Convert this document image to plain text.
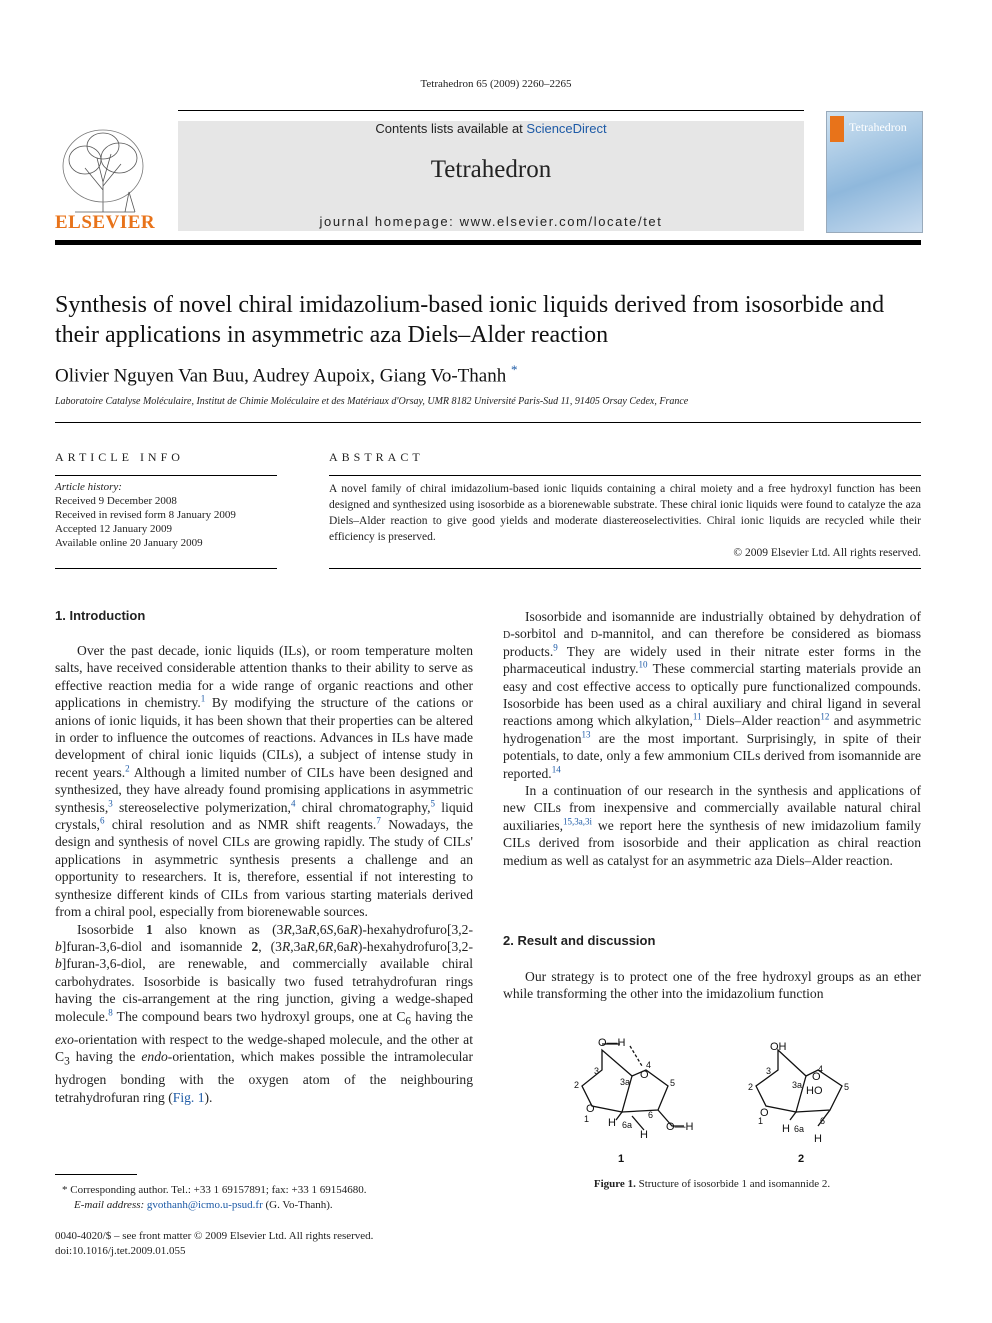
Tetrahedron 65 (2009) 2260–2265
ELSEVIER
Contents lists available at ScienceDirect
Tetrahedron
journal homepage: www.elsevier.com/locate/tet
Tetrahedron
Synthesis of novel chiral imidazolium-based ionic liquids derived from isosorbide and their applications in asymmetric aza Diels–Alder reaction
Olivier Nguyen Van Buu, Audrey Aupoix, Giang Vo-Thanh *
Laboratoire Catalyse Moléculaire, Institut de Chimie Moléculaire et des Matériaux d'Orsay, UMR 8182 Université Paris-Sud 11, 91405 Orsay Cedex, France
ARTICLE INFO
Article history:
Received 9 December 2008
Received in revised form 8 January 2009
Accepted 12 January 2009
Available online 20 January 2009
ABSTRACT
A novel family of chiral imidazolium-based ionic liquids containing a chiral moiety and a free hydroxyl function has been designed and synthesized using isosorbide as a biorenewable substrate. These chiral ionic liquids were found to catalyze the aza Diels–Alder reaction to give good yields and moderate diastereoselectivities. Chiral ionic liquids are recycled while their efficiency is preserved.
© 2009 Elsevier Ltd. All rights reserved.
1. Introduction

Over the past decade, ionic liquids (ILs), or room temperature molten salts, have received considerable attention thanks to their ability to serve as effective reaction media for a wide range of organic reactions and other applications in chemistry.$^1$ By modifying the structure of the cations or anions of ionic liquids, it has been shown that their properties can be altered in order to influence the outcomes of reactions. Advances in ILs have made development of chiral ionic liquids (CILs), a subject of intense study in recent years.$^2$ Although a limited number of CILs have been designed and synthesized, they have already found promising applications in asymmetric synthesis,$^3$ stereoselective polymerization,$^4$ chiral chromatography,$^5$ liquid crystals,$^6$ chiral resolution and as NMR shift reagents.$^7$ Nowadays, the design and synthesis of novel CILs are growing rapidly. The study of CILs' applications in asymmetric synthesis presents a challenge and an opportunity to researchers. It is, therefore, essential if not interesting to synthesize different kinds of CILs from various starting materials derived from a chiral pool, especially from biorenewable sources.

Isosorbide 1 also known as (3R,3aR,6S,6aR)-hexahydrofuro[3,2-b]furan-3,6-diol and isomannide 2, (3R,3aR,6R,6aR)-hexahydrofuro[3,2-b]furan-3,6-diol, are renewable, and commercially available chiral carbohydrates. Isosorbide is basically two fused tetrahydrofuran rings having the cis-arrangement at the ring junction, giving a wedge-shaped molecule.$^8$ The compound bears two hydroxyl groups, one at $C_6$ having the exo-orientation with respect to the wedge-shaped molecule, and the other at $C_3$ having the endo-orientation, which makes possible the intramolecular hydrogen bonding with the oxygen atom of the neighbouring tetrahydrofuran ring (Fig. 1).

Isosorbide and isomannide are industrially obtained by dehydration of d-sorbitol and d-mannitol, and can therefore be considered as biomass products.$^9$ They are widely used in their nitrate ester forms in the pharmaceutical industry.$^{10}$ These commercial starting materials provide an easy and cost effective access to optically pure functionalized compounds. Isosorbide has been used as a chiral auxiliary and chiral ligand in several reactions among which alkylation,$^{11}$ Diels–Alder reaction$^{12}$ and asymmetric hydrogenation$^{13}$ are the most important. Surprisingly, in spite of their potentials, to date, only a few ammonium CILs derived from isomannide are reported.$^{14}$

In a continuation of our research in the synthesis and applications of new CILs from inexpensive and commercially available natural chiral auxiliaries,$^{15,3a,3i}$ we report here the synthesis of new imidazolium family CILs derived from isosorbide and their application as chiral reaction medium as well as catalyst for an asymmetric aza Diels–Alder reaction.

2. Result and discussion

Our strategy is to protect one of the free hydroxyl groups as an ether while transforming the other into the imidazolium function

O—H
3
2
O
1
3a
O
4
5
6
H 6a
H
O—H
1
OH
3
2
O
1
3a HO
O
4
5
6
H 6a
H
2
Figure 1. Structure of isosorbide 1 and isomannide 2.
* Corresponding author. Tel.: +33 1 69157891; fax: +33 1 69154680.
E-mail address: gvothanh@icmo.u-psud.fr (G. Vo-Thanh).
0040-4020/$ – see front matter © 2009 Elsevier Ltd. All rights reserved.
doi:10.1016/j.tet.2009.01.055
